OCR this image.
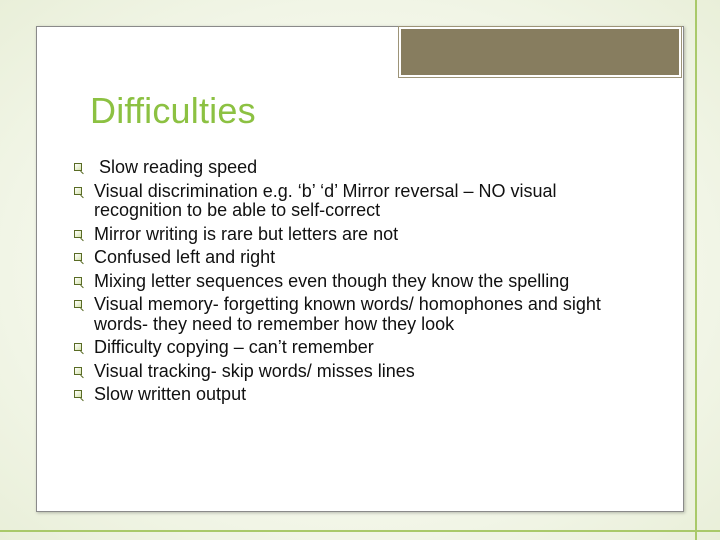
Difficulties
Slow reading speed
Visual discrimination e.g. ‘b’ ‘d’ Mirror reversal – NO visual recognition to be able to self-correct
Mirror writing is rare but letters are not
Confused left and right
Mixing letter sequences even though they know the spelling
Visual memory- forgetting known words/ homophones and sight words- they need to remember how they look
Difficulty copying – can’t remember
Visual tracking- skip words/ misses lines
Slow written output
